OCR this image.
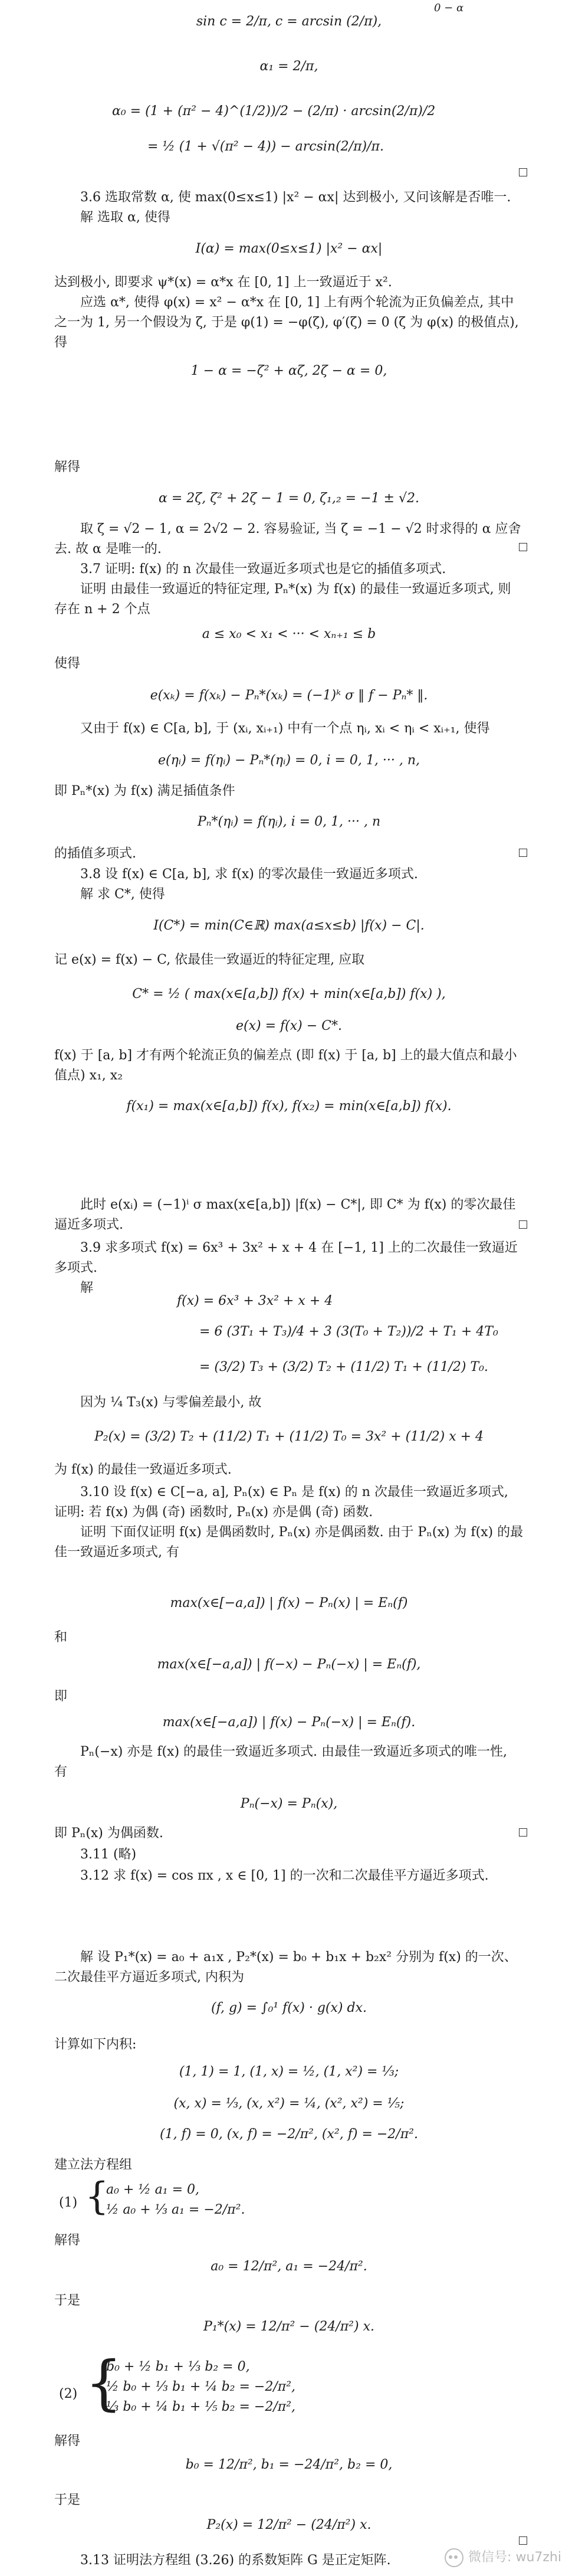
0 − α
sin c = 2/π, c = arcsin (2/π),
α₁ = 2/π,
α₀ = (1 + (π² − 4)^(1/2))/2 − (2/π) · arcsin(2/π)/2
= ½ (1 + √(π² − 4)) − arcsin(2/π)/π.

3.6 选取常数 α, 使 max(0≤x≤1) |x² − αx| 达到极小, 又问该解是否唯一.

解 选取 α, 使得

I(α) = max(0≤x≤1) |x² − αx|

达到极小, 即要求 ψ*(x) = α*x 在 [0, 1] 上一致逼近于 x².

应选 α*, 使得 φ(x) = x² − α*x 在 [0, 1] 上有两个轮流为正负偏差点, 其中之一为 1, 另一个假设为 ζ, 于是 φ(1) = −φ(ζ), φ′(ζ) = 0 (ζ 为 φ(x) 的极值点), 得

1 − α = −ζ² + αζ, 2ζ − α = 0,

解得

α = 2ζ, ζ² + 2ζ − 1 = 0, ζ₁,₂ = −1 ± √2.

取 ζ = √2 − 1, α = 2√2 − 2. 容易验证, 当 ζ = −1 − √2 时求得的 α 应舍去. 故 α 是唯一的.

3.7 证明: f(x) 的 n 次最佳一致逼近多项式也是它的插值多项式.

证明 由最佳一致逼近的特征定理, Pₙ*(x) 为 f(x) 的最佳一致逼近多项式, 则存在 n + 2 个点

a ≤ x₀ < x₁ < ··· < xₙ₊₁ ≤ b

使得

e(xₖ) = f(xₖ) − Pₙ*(xₖ) = (−1)ᵏ σ ‖ f − Pₙ* ‖.

又由于 f(x) ∈ C[a, b], 于 (xᵢ, xᵢ₊₁) 中有一个点 ηᵢ, xᵢ < ηᵢ < xᵢ₊₁, 使得

e(ηᵢ) = f(ηᵢ) − Pₙ*(ηᵢ) = 0, i = 0, 1, ··· , n,

即 Pₙ*(x) 为 f(x) 满足插值条件

Pₙ*(ηᵢ) = f(ηᵢ), i = 0, 1, ··· , n

的插值多项式.

3.8 设 f(x) ∈ C[a, b], 求 f(x) 的零次最佳一致逼近多项式.

解 求 C*, 使得

I(C*) = min(C∈ℝ) max(a≤x≤b) |f(x) − C|.

记 e(x) = f(x) − C, 依最佳一致逼近的特征定理, 应取

C* = ½ ( max(x∈[a,b]) f(x) + min(x∈[a,b]) f(x) ),
e(x) = f(x) − C*.

f(x) 于 [a, b] 才有两个轮流正负的偏差点 (即 f(x) 于 [a, b] 上的最大值点和最小值点) x₁, x₂

f(x₁) = max(x∈[a,b]) f(x), f(x₂) = min(x∈[a,b]) f(x).

此时 e(xᵢ) = (−1)ⁱ σ max(x∈[a,b]) |f(x) − C*|, 即 C* 为 f(x) 的零次最佳逼近多项式.

3.9 求多项式 f(x) = 6x³ + 3x² + x + 4 在 [−1, 1] 上的二次最佳一致逼近多项式.

解

f(x) = 6x³ + 3x² + x + 4
= 6 (3T₁ + T₃)/4 + 3 (3(T₀ + T₂))/2 + T₁ + 4T₀
= (3/2) T₃ + (3/2) T₂ + (11/2) T₁ + (11/2) T₀.

因为 ¼ T₃(x) 与零偏差最小, 故

P₂(x) = (3/2) T₂ + (11/2) T₁ + (11/2) T₀ = 3x² + (11/2) x + 4

为 f(x) 的最佳一致逼近多项式.

3.10 设 f(x) ∈ C[−a, a], Pₙ(x) ∈ Pₙ 是 f(x) 的 n 次最佳一致逼近多项式, 证明: 若 f(x) 为偶 (奇) 函数时, Pₙ(x) 亦是偶 (奇) 函数.

证明 下面仅证明 f(x) 是偶函数时, Pₙ(x) 亦是偶函数. 由于 Pₙ(x) 为 f(x) 的最佳一致逼近多项式, 有

max(x∈[−a,a]) | f(x) − Pₙ(x) | = Eₙ(f)

和

max(x∈[−a,a]) | f(−x) − Pₙ(−x) | = Eₙ(f),

即

max(x∈[−a,a]) | f(x) − Pₙ(−x) | = Eₙ(f).

Pₙ(−x) 亦是 f(x) 的最佳一致逼近多项式. 由最佳一致逼近多项式的唯一性, 有

Pₙ(−x) = Pₙ(x),

即 Pₙ(x) 为偶函数.

3.11 (略)

3.12 求 f(x) = cos πx , x ∈ [0, 1] 的一次和二次最佳平方逼近多项式.

解 设 P₁*(x) = a₀ + a₁x , P₂*(x) = b₀ + b₁x + b₂x² 分别为 f(x) 的一次、二次最佳平方逼近多项式, 内积为

(f, g) = ∫₀¹ f(x) · g(x) dx.

计算如下内积:

(1, 1) = 1, (1, x) = ½, (1, x²) = ⅓;
(x, x) = ⅓, (x, x²) = ¼, (x², x²) = ⅕;
(1, f) = 0, (x, f) = −2/π², (x², f) = −2/π².

建立法方程组

(1) {
a₀ + ½ a₁ = 0,
½ a₀ + ⅓ a₁ = −2/π².

解得

a₀ = 12/π², a₁ = −24/π².

于是

P₁*(x) = 12/π² − (24/π²) x.
(2) {
b₀ + ½ b₁ + ⅓ b₂ = 0,
½ b₀ + ⅓ b₁ + ¼ b₂ = −2/π²,
⅓ b₀ + ¼ b₁ + ⅕ b₂ = −2/π²,

解得

b₀ = 12/π², b₁ = −24/π², b₂ = 0,

于是

P₂(x) = 12/π² − (24/π²) x.

3.13 证明法方程组 (3.26) 的系数矩阵 G 是正定矩阵.	微信号: wu7zhi
